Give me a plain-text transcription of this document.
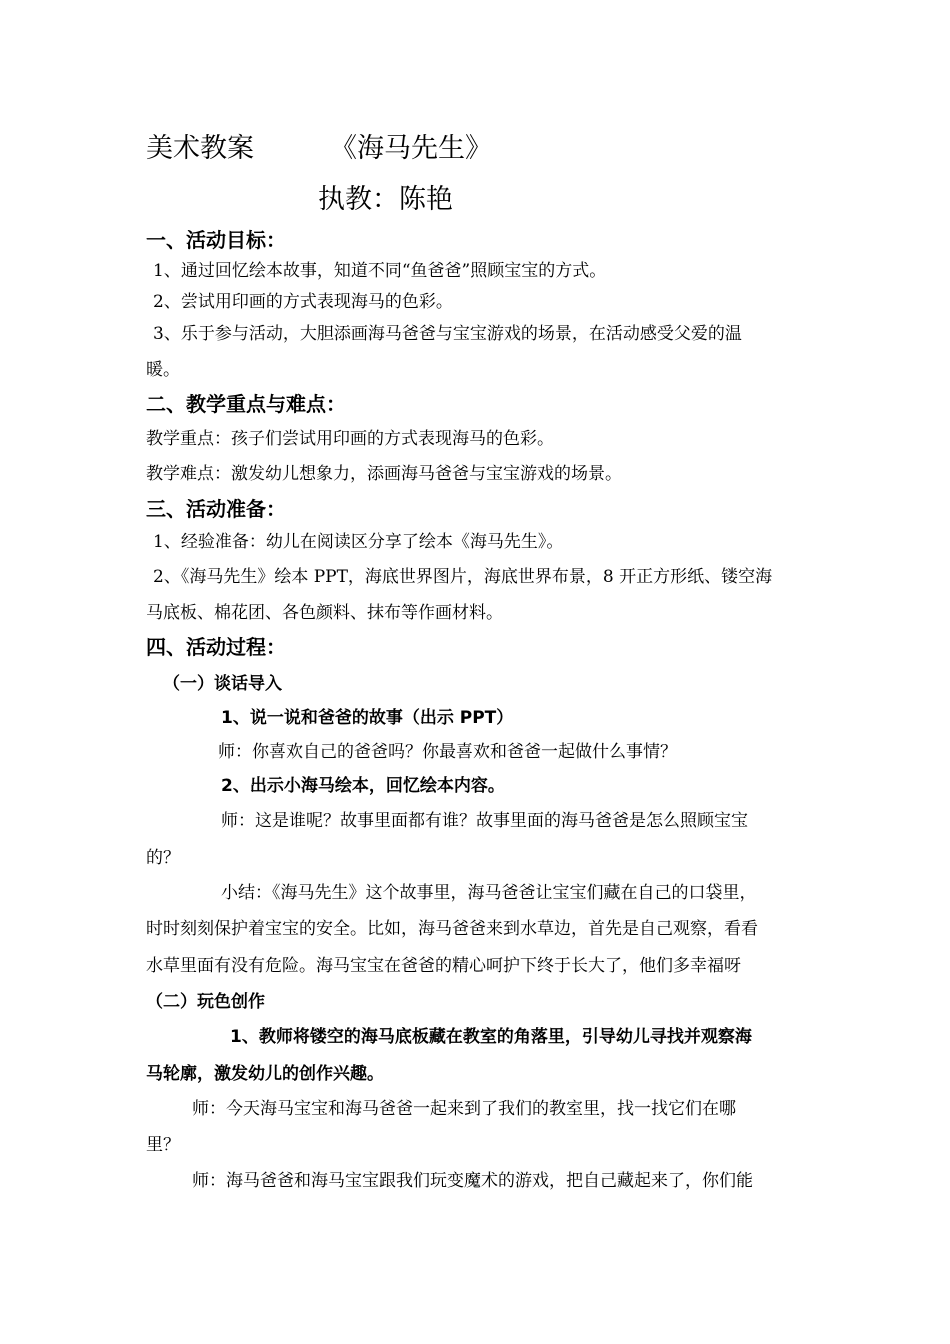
美术教案	《海马先生》
执教：陈艳
一、活动目标：
1、通过回忆绘本故事，知道不同“鱼爸爸”照顾宝宝的方式。
2、尝试用印画的方式表现海马的色彩。
3、乐于参与活动，大胆添画海马爸爸与宝宝游戏的场景，在活动感受父爱的温
暖。
二、教学重点与难点：
教学重点：孩子们尝试用印画的方式表现海马的色彩。
教学难点：激发幼儿想象力，添画海马爸爸与宝宝游戏的场景。
三、活动准备：
1、经验准备：幼儿在阅读区分享了绘本《海马先生》。
2、《海马先生》绘本 PPT，海底世界图片，海底世界布景，8 开正方形纸、镂空海
马底板、棉花团、各色颜料、抹布等作画材料。
四、活动过程：
（一）谈话导入
1、说一说和爸爸的故事（出示 PPT）
师：你喜欢自己的爸爸吗？你最喜欢和爸爸一起做什么事情？
2、出示小海马绘本，回忆绘本内容。
师：这是谁呢？故事里面都有谁？故事里面的海马爸爸是怎么照顾宝宝
的？
小结：《海马先生》这个故事里，海马爸爸让宝宝们藏在自己的口袋里，
时时刻刻保护着宝宝的安全。比如，海马爸爸来到水草边，首先是自己观察，看看
水草里面有没有危险。海马宝宝在爸爸的精心呵护下终于长大了，他们多幸福呀
（二）玩色创作
1、教师将镂空的海马底板藏在教室的角落里，引导幼儿寻找并观察海
马轮廓，激发幼儿的创作兴趣。
师：今天海马宝宝和海马爸爸一起来到了我们的教室里，找一找它们在哪
里？
师：海马爸爸和海马宝宝跟我们玩变魔术的游戏，把自己藏起来了，你们能
